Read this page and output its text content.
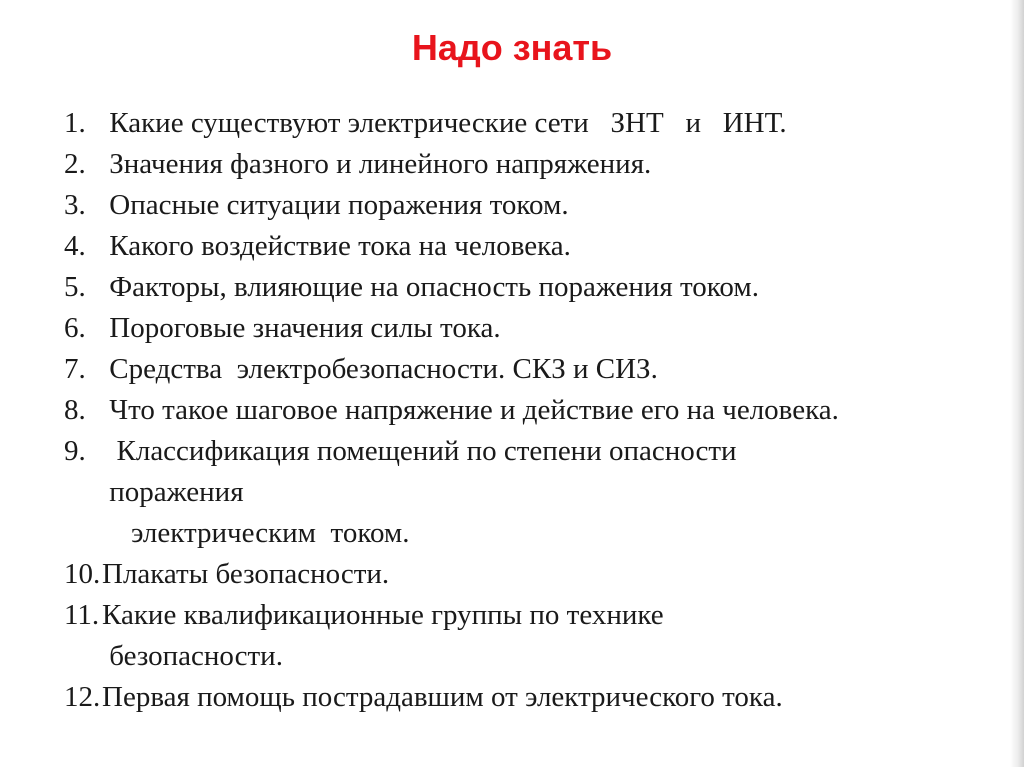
Надо знать
1. Какие существуют электрические сети   ЗНТ   и   ИНТ.
2. Значения фазного и линейного напряжения.
3. Опасные ситуации поражения током.
4. Какого воздействие тока на человека.
5. Факторы, влияющие на опасность поражения током.
6. Пороговые значения силы тока.
7. Средства  электробезопасности. СКЗ и СИЗ.
8. Что такое шаговое напряжение и действие его на человека.
9. Классификация помещений по степени опасности
поражения
электрическим  током.
10. Плакаты безопасности.
11. Какие квалификационные группы по технике
безопасности.
12. Первая помощь пострадавшим от электрического тока.
